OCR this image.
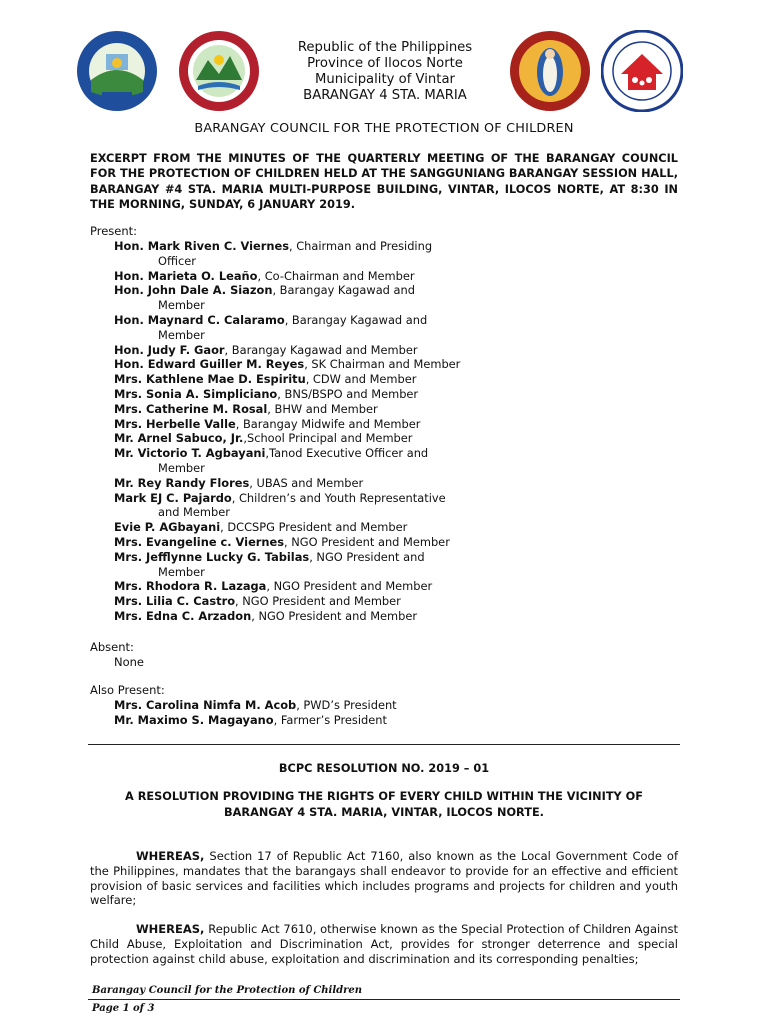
Republic of the Philippines
Province of Ilocos Norte
Municipality of Vintar
BARANGAY 4 STA. MARIA
BARANGAY COUNCIL FOR THE PROTECTION OF CHILDREN
EXCERPT FROM THE MINUTES OF THE QUARTERLY MEETING OF THE BARANGAY COUNCIL FOR THE PROTECTION OF CHILDREN HELD AT THE SANGGUNIANG BARANGAY SESSION HALL, BARANGAY #4 STA. MARIA MULTI-PURPOSE BUILDING, VINTAR, ILOCOS NORTE, AT 8:30 IN THE MORNING, SUNDAY, 6 JANUARY 2019.
Present:
Hon. Mark Riven C. Viernes, Chairman and Presiding
Officer
Hon. Marieta O. Leaño, Co-Chairman and Member
Hon. John Dale A. Siazon, Barangay Kagawad and
Member
Hon. Maynard C. Calaramo, Barangay Kagawad and
Member
Hon. Judy F. Gaor, Barangay Kagawad and Member
Hon. Edward Guiller M. Reyes, SK Chairman and Member
Mrs. Kathlene Mae D. Espiritu, CDW and Member
Mrs. Sonia A. Simpliciano, BNS/BSPO and Member
Mrs. Catherine M. Rosal, BHW and Member
Mrs. Herbelle Valle, Barangay Midwife and Member
Mr. Arnel Sabuco, Jr.,School Principal and Member
Mr. Victorio T. Agbayani,Tanod Executive Officer and
Member
Mr. Rey Randy Flores, UBAS and Member
Mark EJ C. Pajardo, Children’s and Youth Representative
and Member
Evie P. AGbayani, DCCSPG President and Member
Mrs. Evangeline c. Viernes, NGO President and Member
Mrs. Jefflynne Lucky G. Tabilas, NGO President and
Member
Mrs. Rhodora R. Lazaga, NGO President and Member
Mrs. Lilia C. Castro, NGO President and Member
Mrs. Edna C. Arzadon, NGO President and Member
Absent:
None
Also Present:
Mrs. Carolina Nimfa M. Acob, PWD’s President
Mr. Maximo S. Magayano, Farmer’s President
BCPC RESOLUTION NO. 2019 – 01
A RESOLUTION PROVIDING THE RIGHTS OF EVERY CHILD WITHIN THE VICINITY OF BARANGAY 4 STA. MARIA, VINTAR, ILOCOS NORTE.
WHEREAS, Section 17 of Republic Act 7160, also known as the Local Government Code of the Philippines, mandates that the barangays shall endeavor to provide for an effective and efficient provision of basic services and facilities which includes programs and projects for children and youth welfare;
WHEREAS, Republic Act 7610, otherwise known as the Special Protection of Children Against Child Abuse, Exploitation and Discrimination Act, provides for stronger deterrence and special protection against child abuse, exploitation and discrimination and its corresponding penalties;
Barangay Council for the Protection of Children
Page 1 of 3
